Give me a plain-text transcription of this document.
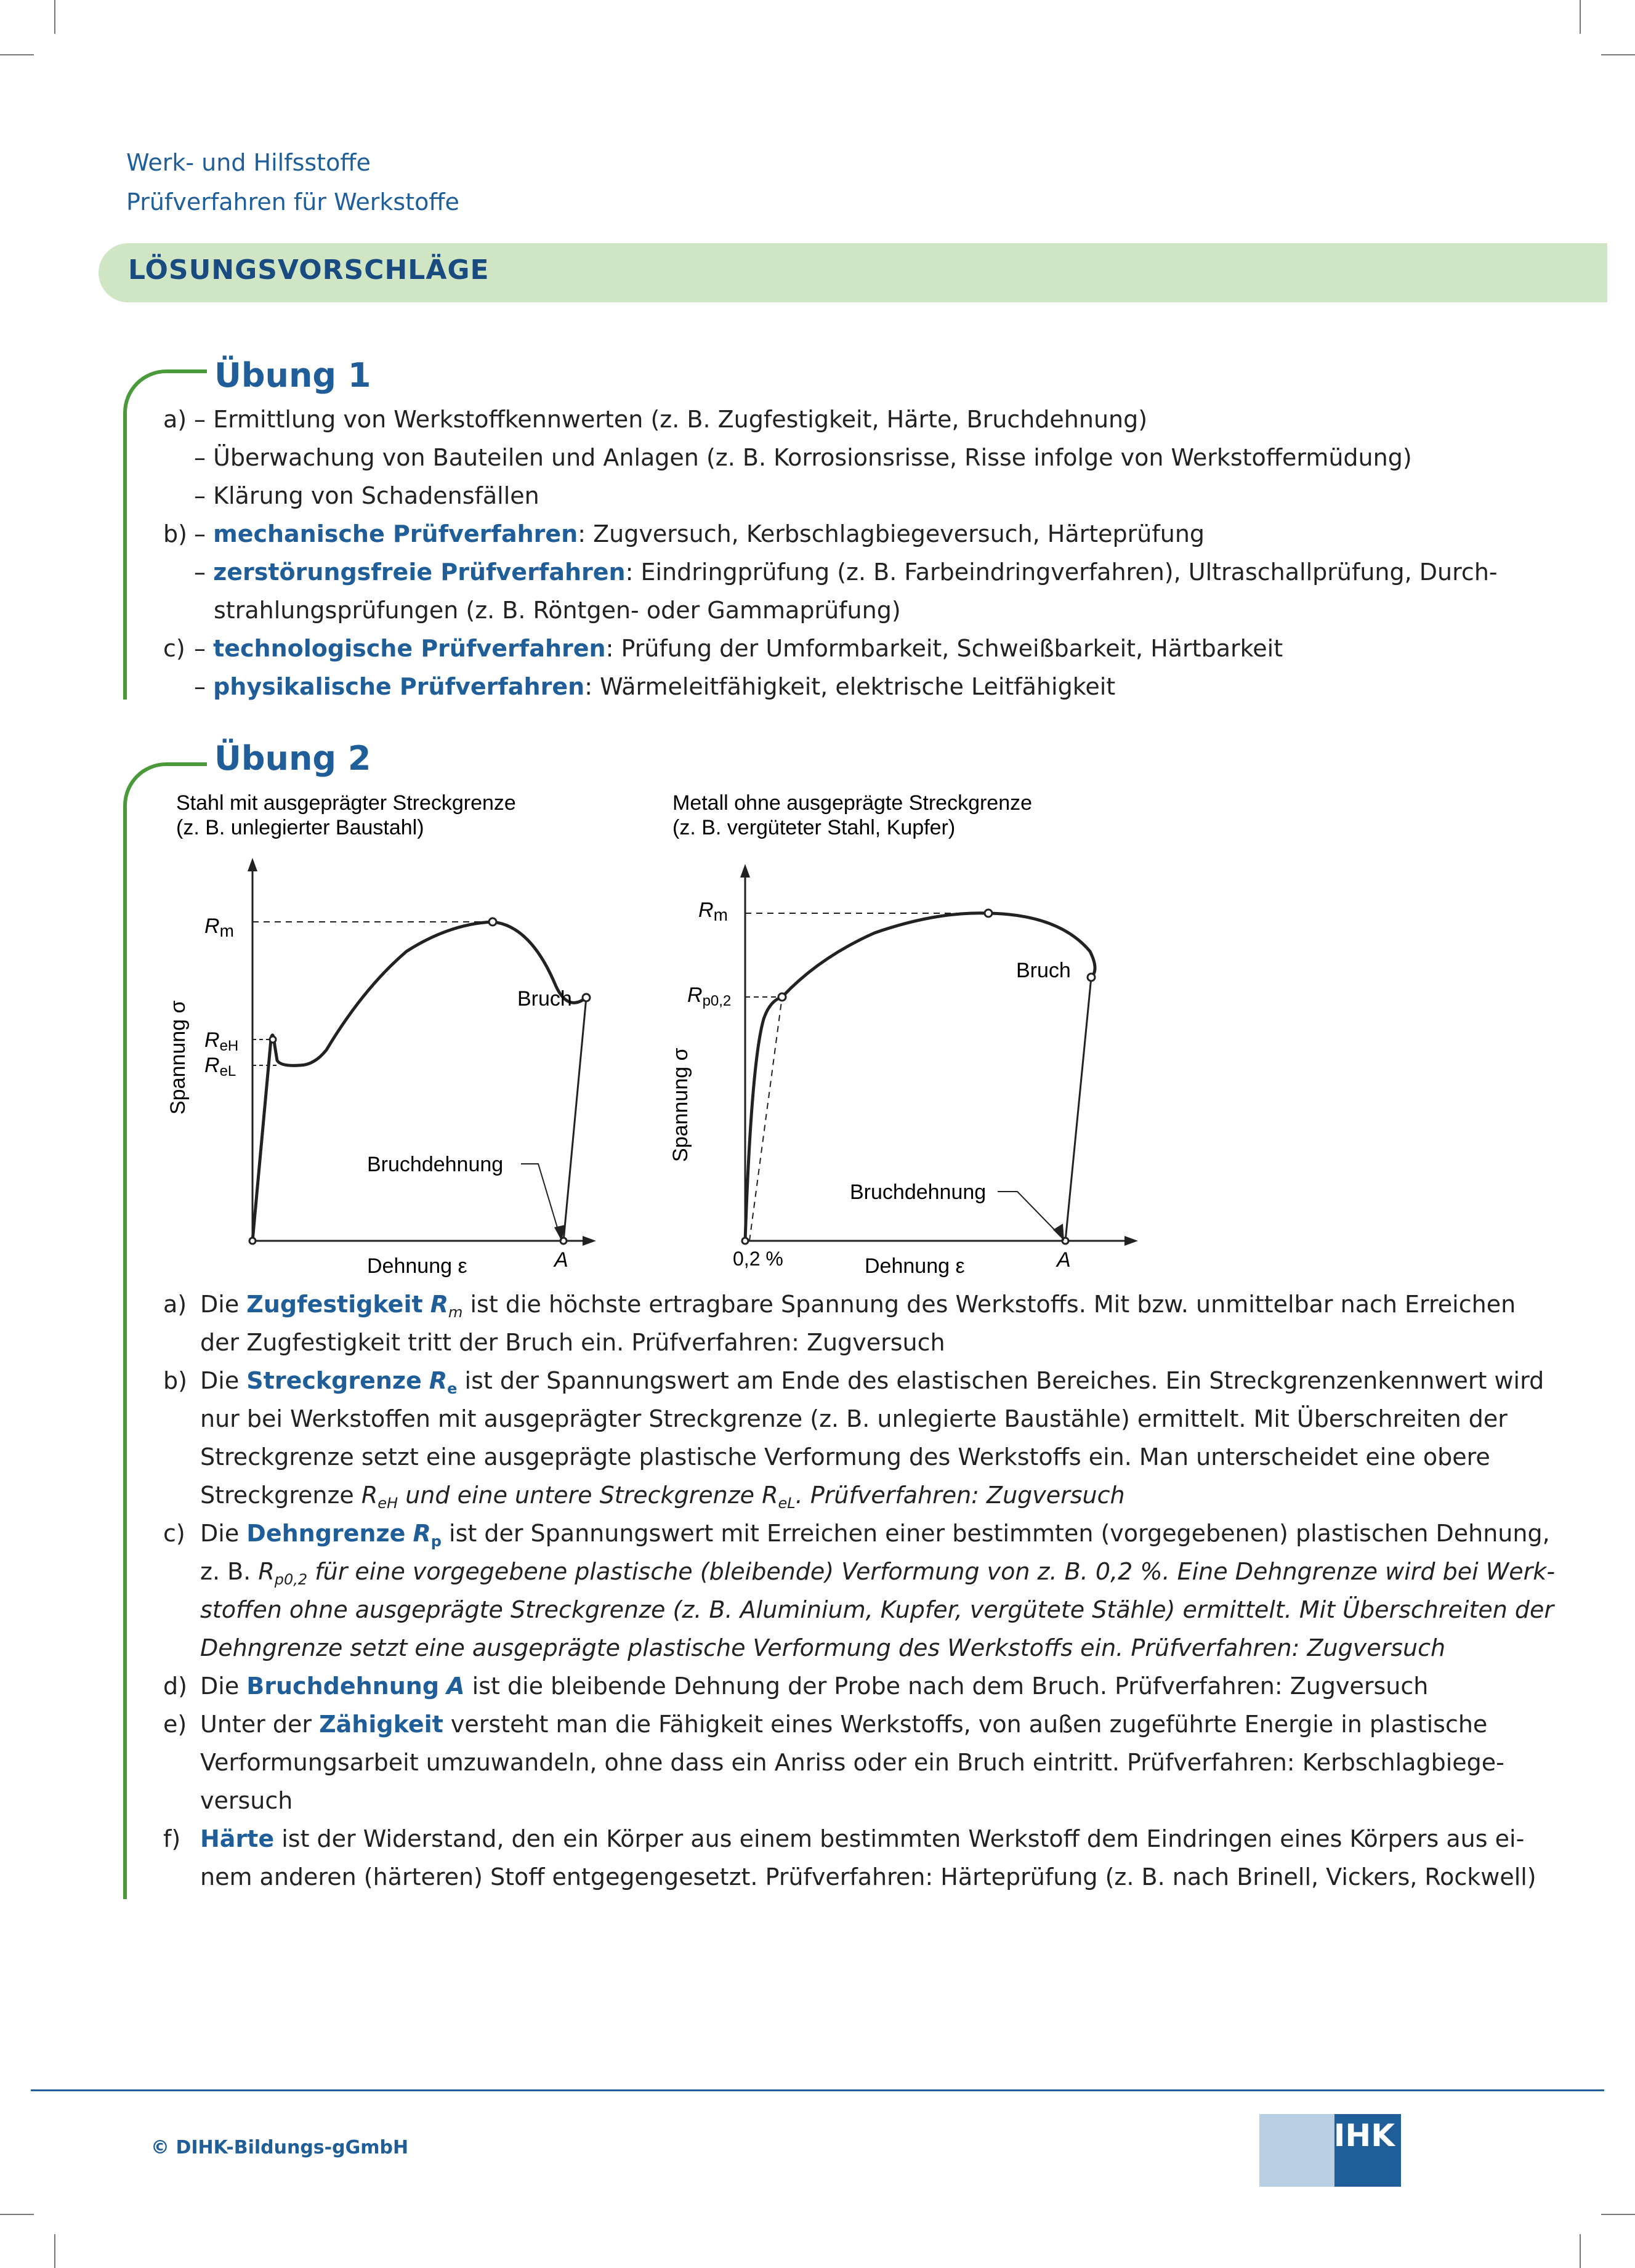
Werk- und Hilfsstoffe
Prüfverfahren für Werkstoffe
LÖSUNGSVORSCHLÄGE
Übung 1
a) – Ermittlung von Werkstoffkennwerten (z. B. Zugfestigkeit, Härte, Bruchdehnung)
– Überwachung von Bauteilen und Anlagen (z. B. Korrosionsrisse, Risse infolge von Werkstoffermüdung)
– Klärung von Schadensfällen
b) – mechanische Prüfverfahren: Zugversuch, Kerbschlagbiegeversuch, Härteprüfung
– zerstörungsfreie Prüfverfahren: Eindringprüfung (z. B. Farbeindringverfahren), Ultraschallprüfung, Durch-
strahlungsprüfungen (z. B. Röntgen- oder Gammaprüfung)
c) – technologische Prüfverfahren: Prüfung der Umformbarkeit, Schweißbarkeit, Härtbarkeit
– physikalische Prüfverfahren: Wärmeleitfähigkeit, elektrische Leitfähigkeit
Übung 2
Stahl mit ausgeprägter Streckgrenze
(z. B. unlegierter Baustahl)
Rm
ReH
ReL
Spannung σ
Bruch
Bruchdehnung
Dehnung ε	A
Metall ohne ausgeprägte Streckgrenze
(z. B. vergüteter Stahl, Kupfer)
Rm
Rp0,2
Spannung σ
Bruch
Bruchdehnung
0,2 %	Dehnung ε	A
a) Die Zugfestigkeit $R_m$ ist die höchste ertragbare Spannung des Werkstoffs. Mit bzw. unmittelbar nach Erreichen
der Zugfestigkeit tritt der Bruch ein. Prüfverfahren: Zugversuch
b) Die Streckgrenze $R_e$ ist der Spannungswert am Ende des elastischen Bereiches. Ein Streckgrenzenkennwert wird
nur bei Werkstoffen mit ausgeprägter Streckgrenze (z. B. unlegierte Baustähle) ermittelt. Mit Überschreiten der
Streckgrenze setzt eine ausgeprägte plastische Verformung des Werkstoffs ein. Man unterscheidet eine obere
Streckgrenze $R_{eH}$ und eine untere Streckgrenze $R_{eL}$. Prüfverfahren: Zugversuch
c) Die Dehngrenze $R_p$ ist der Spannungswert mit Erreichen einer bestimmten (vorgegebenen) plastischen Dehnung,
z. B. $R_{p0,2}$ für eine vorgegebene plastische (bleibende) Verformung von z. B. 0,2 %. Eine Dehngrenze wird bei Werk-
stoffen ohne ausgeprägte Streckgrenze (z. B. Aluminium, Kupfer, vergütete Stähle) ermittelt. Mit Überschreiten der
Dehngrenze setzt eine ausgeprägte plastische Verformung des Werkstoffs ein. Prüfverfahren: Zugversuch
d) Die Bruchdehnung A ist die bleibende Dehnung der Probe nach dem Bruch. Prüfverfahren: Zugversuch
e) Unter der Zähigkeit versteht man die Fähigkeit eines Werkstoffs, von außen zugeführte Energie in plastische
Verformungsarbeit umzuwandeln, ohne dass ein Anriss oder ein Bruch eintritt. Prüfverfahren: Kerbschlagbiege-
versuch
f) Härte ist der Widerstand, den ein Körper aus einem bestimmten Werkstoff dem Eindringen eines Körpers aus ei-
nem anderen (härteren) Stoff entgegengesetzt. Prüfverfahren: Härteprüfung (z. B. nach Brinell, Vickers, Rockwell)
© DIHK-Bildungs-gGmbH	IHK
